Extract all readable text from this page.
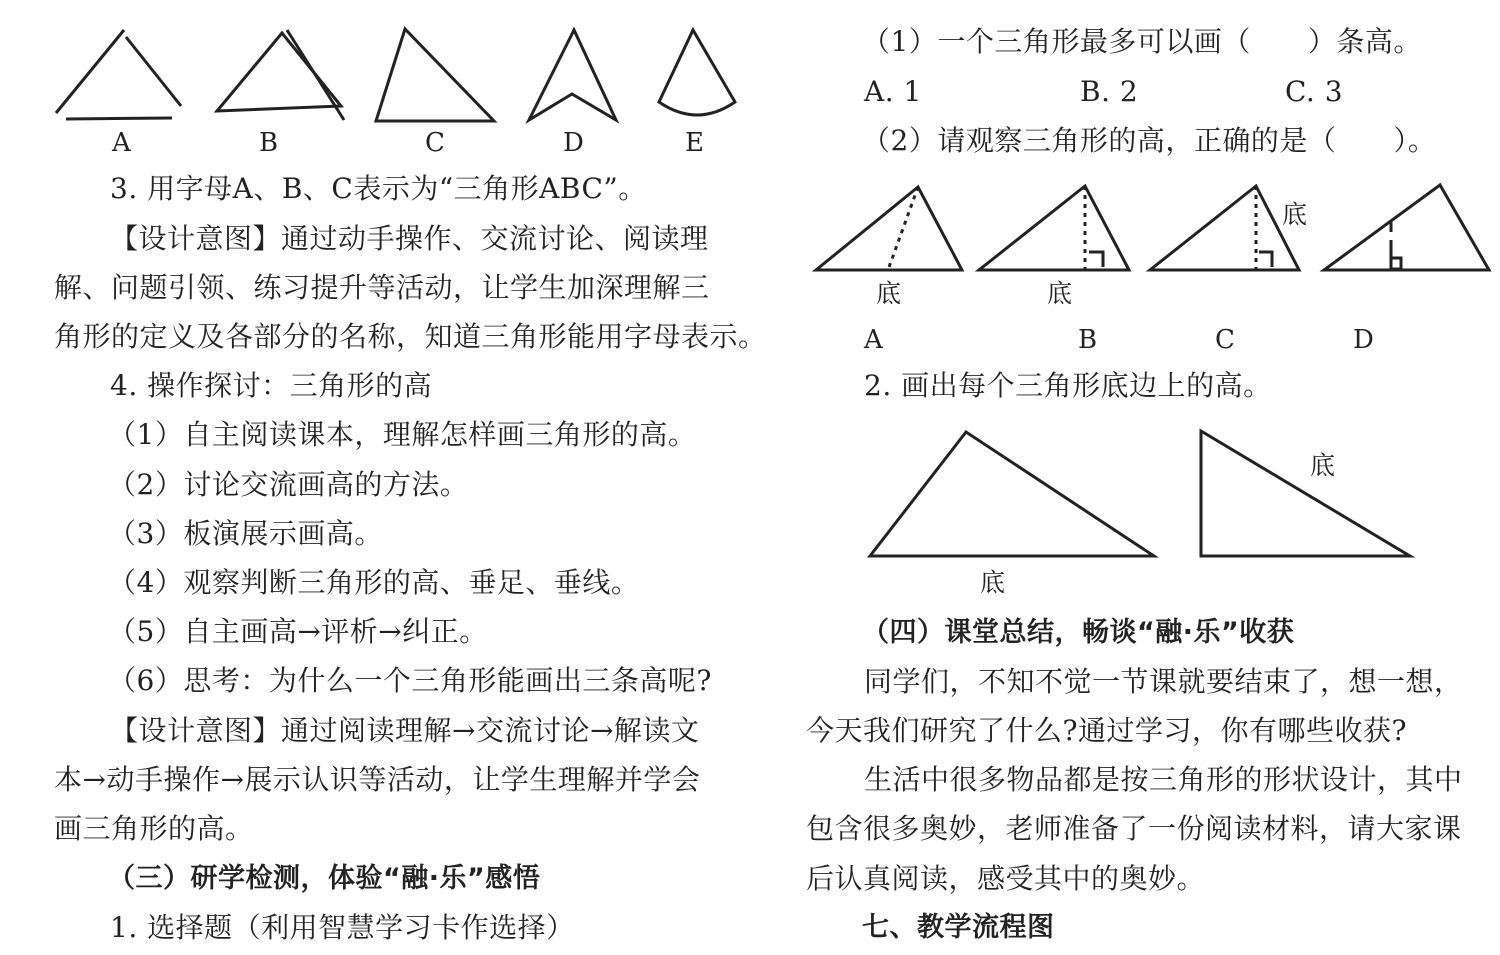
A	B	C	D	E
3. 用字母A、B、C表示为“三角形ABC”。
【设计意图】通过动手操作、交流讨论、阅读理
解、问题引领、练习提升等活动，让学生加深理解三
角形的定义及各部分的名称，知道三角形能用字母表示。
4. 操作探讨：三角形的高
（1）自主阅读课本，理解怎样画三角形的高。
（2）讨论交流画高的方法。
（3）板演展示画高。
（4）观察判断三角形的高、垂足、垂线。
（5）自主画高→评析→纠正。
（6）思考：为什么一个三角形能画出三条高呢?
【设计意图】通过阅读理解→交流讨论→解读文
本→动手操作→展示认识等活动，让学生理解并学会
画三角形的高。
（三）研学检测，体验“融·乐”感悟
1. 选择题（利用智慧学习卡作选择）
（1）一个三角形最多可以画（　　）条高。
A. 1	B. 2	C. 3
（2）请观察三角形的高，正确的是（　　）。
底	底
底
A	B	C	D
2. 画出每个三角形底边上的高。
底
底
（四）课堂总结，畅谈“融·乐”收获
同学们，不知不觉一节课就要结束了，想一想，
今天我们研究了什么?通过学习，你有哪些收获?
生活中很多物品都是按三角形的形状设计，其中
包含很多奥妙，老师准备了一份阅读材料，请大家课
后认真阅读，感受其中的奥妙。
七、教学流程图
